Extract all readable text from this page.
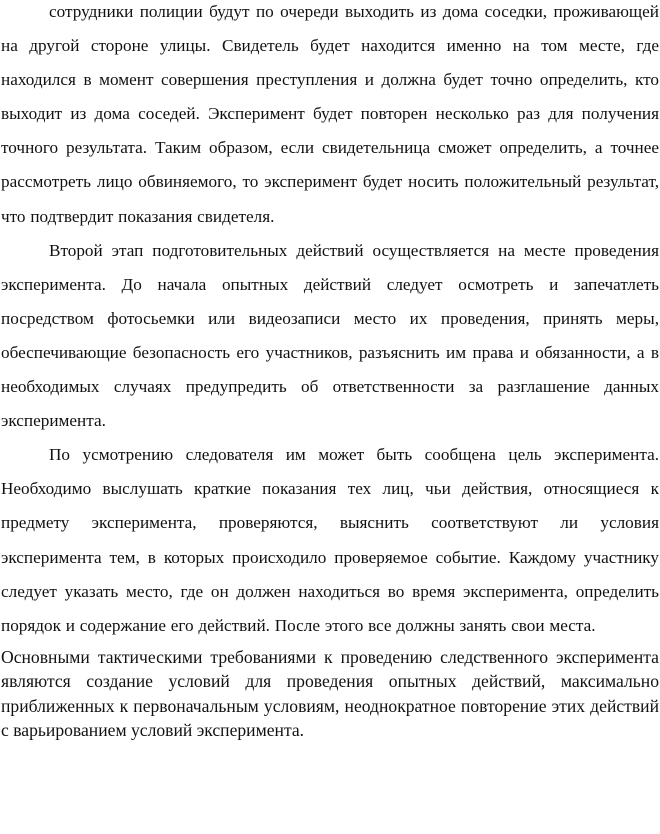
сотрудники полиции будут по очереди выходить из дома соседки, проживающей на другой стороне улицы. Свидетель будет находится именно на том месте, где находился в момент совершения преступления и должна будет точно определить, кто выходит из дома соседей. Эксперимент будет повторен несколько раз для получения точного результата. Таким образом, если свидетельница сможет определить, а точнее рассмотреть лицо обвиняемого, то эксперимент будет носить положительный результат, что подтвердит показания свидетеля.

Второй этап подготовительных действий осуществляется на месте проведения эксперимента. До начала опытных действий следует осмотреть и запечатлеть посредством фотосьемки или видеозаписи место их проведения, принять меры, обеспечивающие безопасность его участников, разъяснить им права и обязанности, а в необходимых случаях предупредить об ответственности за разглашение данных эксперимента.

По усмотрению следователя им может быть сообщена цель эксперимента. Необходимо выслушать краткие показания тех лиц, чьи действия, относящиеся к предмету эксперимента, проверяются, выяснить соответствуют ли условия эксперимента тем, в которых происходило проверяемое событие. Каждому участнику следует указать место, где он должен находиться во время эксперимента, определить порядок и содержание его действий. После этого все должны занять свои места.

Основными тактическими требованиями к проведению следственного эксперимента являются создание условий для проведения опытных действий, максимально приближенных к первоначальным условиям, неоднократное повторение этих действий с варьированием условий эксперимента.
